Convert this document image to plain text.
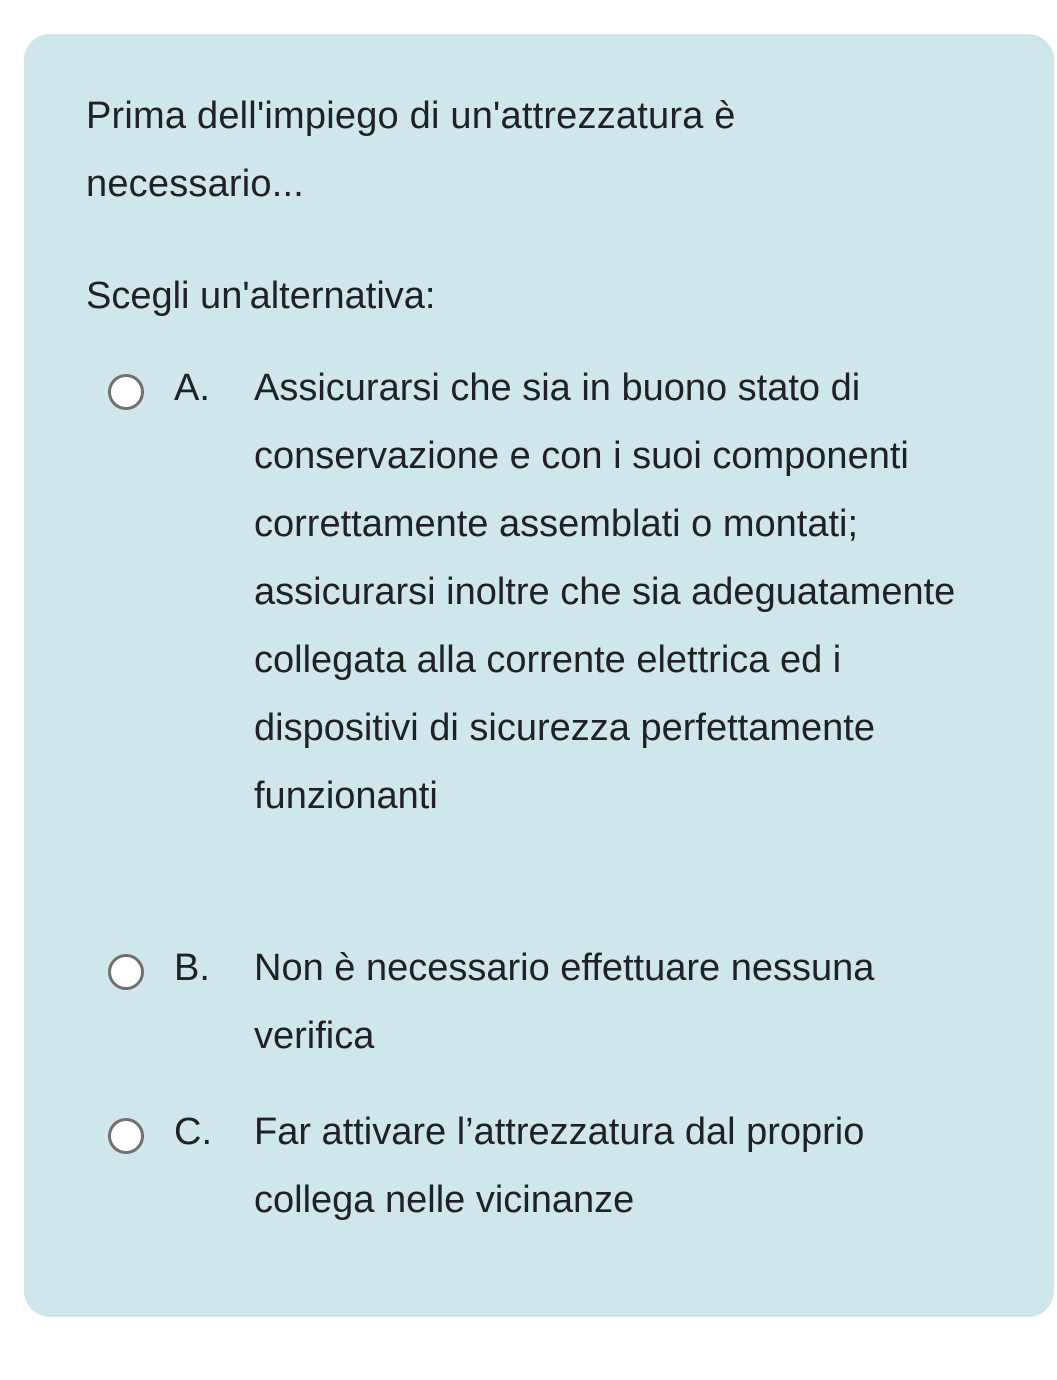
Prima dell'impiego di un'attrezzatura è necessario...
Scegli un'alternativa:
A. Assicurarsi che sia in buono stato di conservazione e con i suoi componenti correttamente assemblati o montati; assicurarsi inoltre che sia adeguatamente collegata alla corrente elettrica ed i dispositivi di sicurezza perfettamente funzionanti
B. Non è necessario effettuare nessuna verifica
C. Far attivare l’attrezzatura dal proprio collega nelle vicinanze
